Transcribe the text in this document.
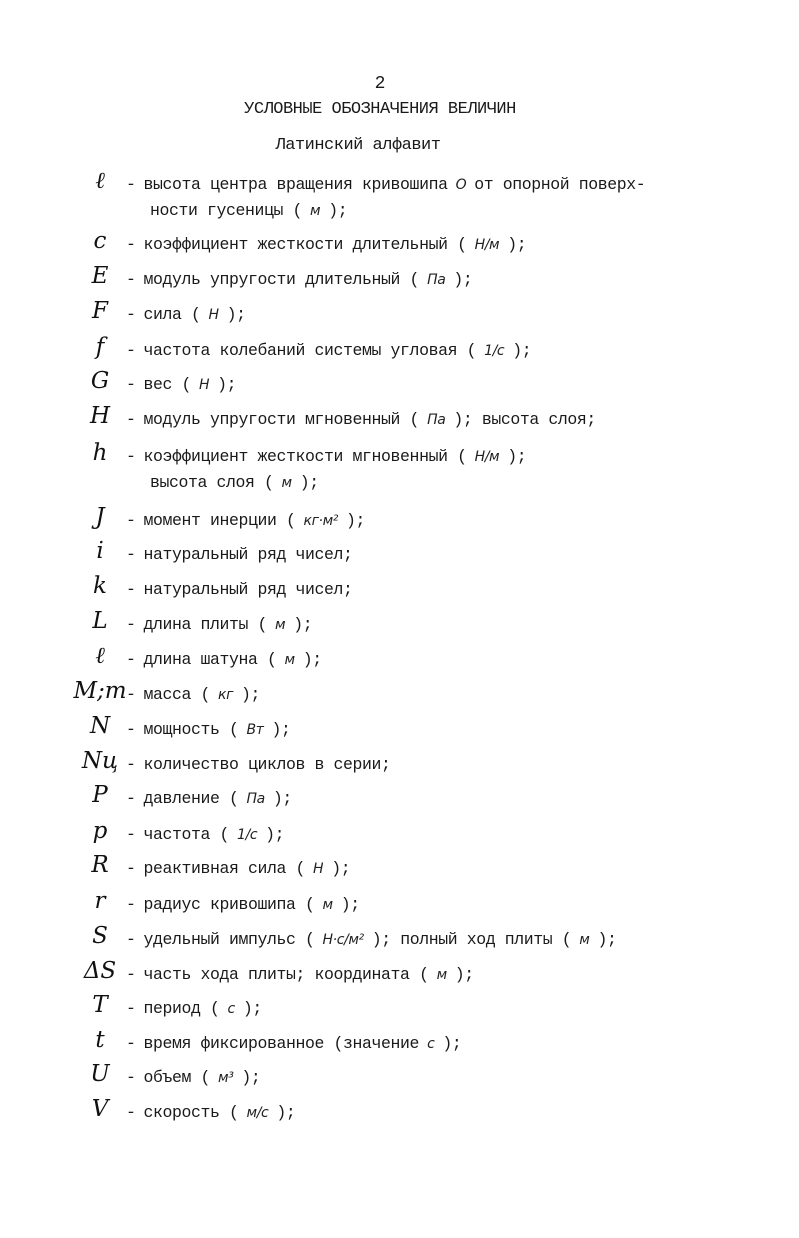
2
УСЛОВНЫЕ ОБОЗНАЧЕНИЯ ВЕЛИЧИН
Латинский алфавит
ℓ	- высота центра вращения кривошипа O от опорной поверх-
ности гусеницы ( м );
c	- коэффициент жесткости длительный ( Н/м );
E	- модуль упругости длительный ( Па );
F	- сила ( Н );
f	- частота колебаний системы угловая ( 1/с );
G	- вес ( Н );
H - модуль упругости мгновенный ( Па ); высота слоя;
h	- коэффициент жесткости мгновенный ( Н/м );
высота слоя ( м );
J	- момент инерции ( кг·м² );
i	- натуральный ряд чисел;
k	- натуральный ряд чисел;
L	- длина плиты ( м );
ℓ	- длина шатуна ( м );
M;m - масса ( кг );
N - мощность ( Вт );
Nц - количество циклов в серии;
P	- давление ( Па );
p	- частота ( 1/с );
R	- реактивная сила ( Н );
r	- радиус кривошипа ( м );
S	- удельный импульс ( Н·с/м² ); полный ход плиты ( м );
ΔS - часть хода плиты; координата ( м );
T	- период ( с );
t	- время фиксированное (значение с );
U - объем ( м³ );
V	- скорость ( м/с );
